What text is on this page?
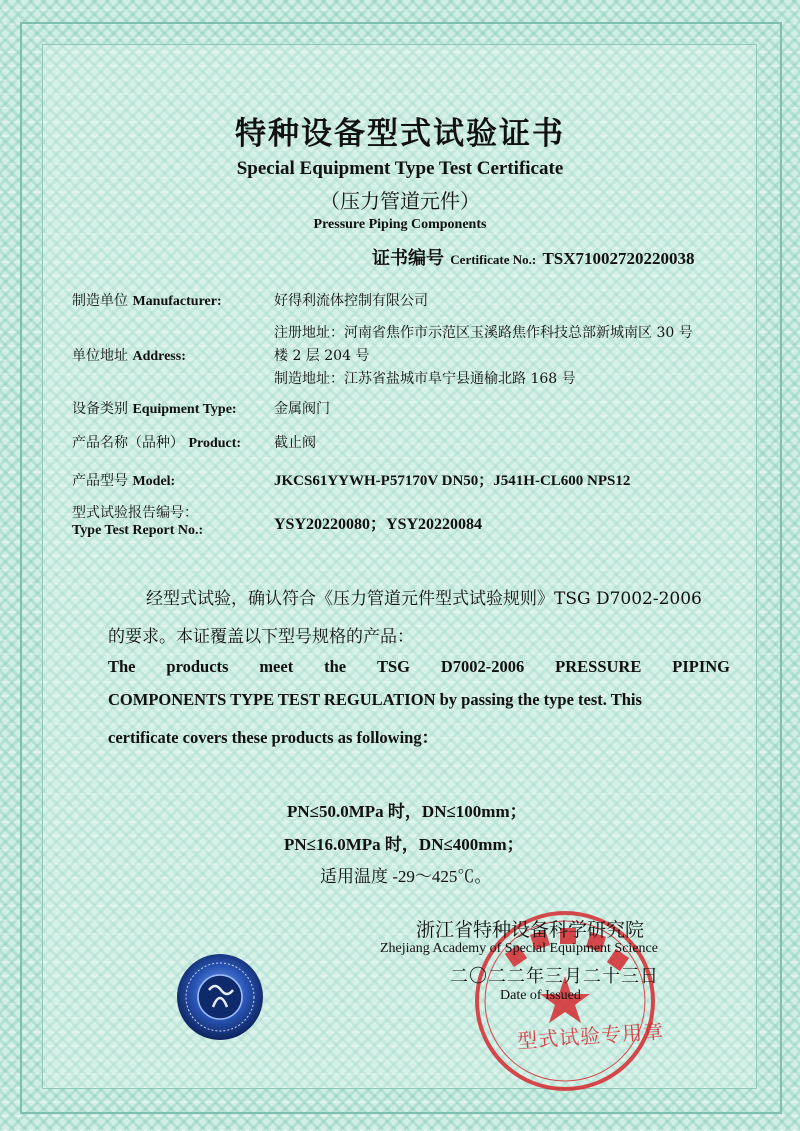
特种设备型式试验证书
Special Equipment Type Test Certificate
（压力管道元件）
Pressure Piping Components
证书编号 Certificate No.: TSX71002720220038
制造单位 Manufacturer:	好得利流体控制有限公司
单位地址 Address:
注册地址：河南省焦作市示范区玉溪路焦作科技总部新城南区 30 号
楼 2 层 204 号
制造地址：江苏省盐城市阜宁县通榆北路 168 号
设备类别 Equipment Type:	金属阀门
产品名称（品种） Product: 截止阀
产品型号 Model:	JKCS61YYWH-P57170V DN50；J541H-CL600 NPS12
型式试验报告编号：
Type Test Report No.:	YSY20220080；YSY20220084
经型式试验，确认符合《压力管道元件型式试验规则》TSG D7002-2006
的要求。本证覆盖以下型号规格的产品：
The products meet the TSG D7002-2006 PRESSURE PIPING
COMPONENTS TYPE TEST REGULATION by passing the type test. This
certificate covers these products as following：
PN≤50.0MPa 时，DN≤100mm；
PN≤16.0MPa 时，DN≤400mm；
适用温度 -29～425℃。
型式试验专用章
浙江省特种设备科学研究院
Zhejiang Academy of Special Equipment Science
二〇二二年三月二十三日
Date of Issued
